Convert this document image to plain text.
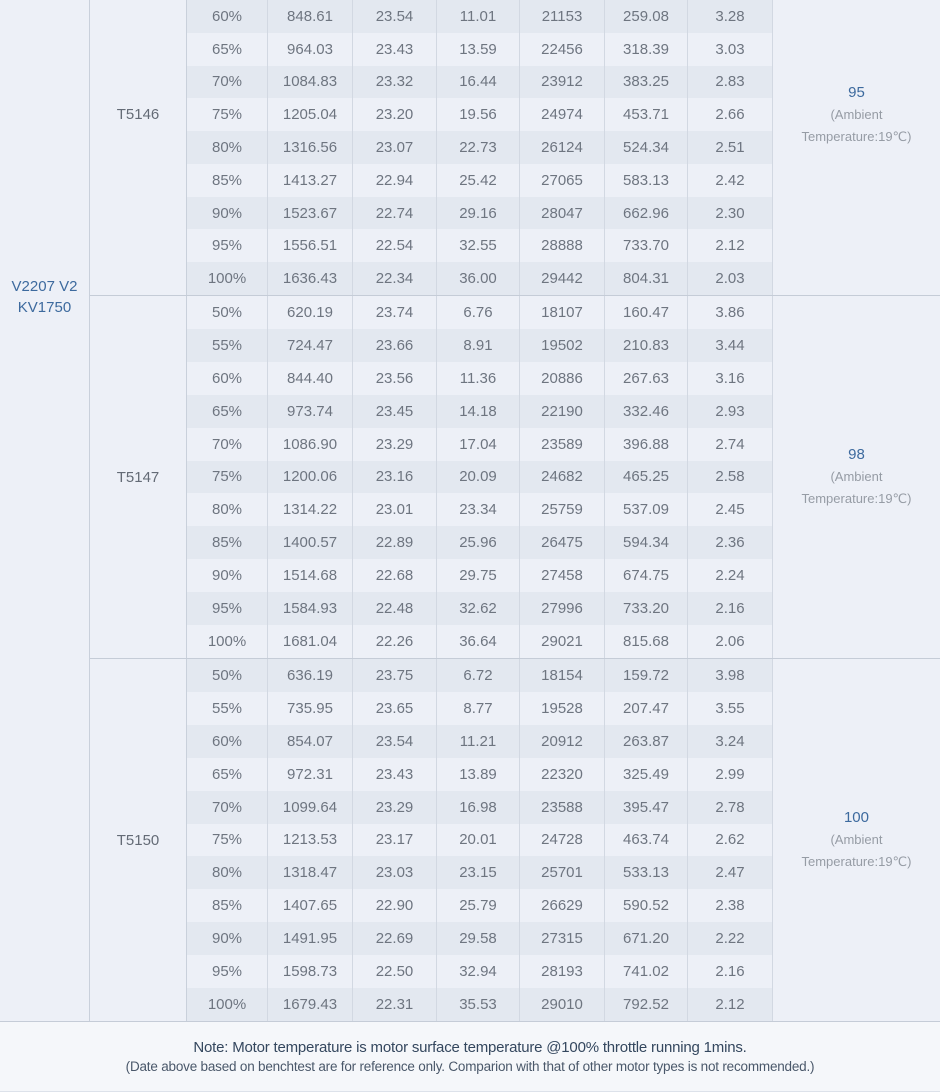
V2207 V2
KV1750
T5146
60%	848.61	23.54	11.01	21153	259.08	3.28
65%	964.03	23.43	13.59	22456	318.39	3.03
70%	1084.83	23.32	16.44	23912	383.25	2.83
75%	1205.04	23.20	19.56	24974	453.71	2.66
80%	1316.56	23.07	22.73	26124	524.34	2.51
85%	1413.27	22.94	25.42	27065	583.13	2.42
90%	1523.67	22.74	29.16	28047	662.96	2.30
95%	1556.51	22.54	32.55	28888	733.70	2.12
100%	1636.43	22.34	36.00	29442	804.31	2.03
95
(Ambient
Temperature:19℃)
T5147
50%	620.19	23.74	6.76	18107	160.47	3.86
55%	724.47	23.66	8.91	19502	210.83	3.44
60%	844.40	23.56	11.36	20886	267.63	3.16
65%	973.74	23.45	14.18	22190	332.46	2.93
70%	1086.90	23.29	17.04	23589	396.88	2.74
75%	1200.06	23.16	20.09	24682	465.25	2.58
80%	1314.22	23.01	23.34	25759	537.09	2.45
85%	1400.57	22.89	25.96	26475	594.34	2.36
90%	1514.68	22.68	29.75	27458	674.75	2.24
95%	1584.93	22.48	32.62	27996	733.20	2.16
100%	1681.04	22.26	36.64	29021	815.68	2.06
98
(Ambient
Temperature:19℃)
T5150
50%	636.19	23.75	6.72	18154	159.72	3.98
55%	735.95	23.65	8.77	19528	207.47	3.55
60%	854.07	23.54	11.21	20912	263.87	3.24
65%	972.31	23.43	13.89	22320	325.49	2.99
70%	1099.64	23.29	16.98	23588	395.47	2.78
75%	1213.53	23.17	20.01	24728	463.74	2.62
80%	1318.47	23.03	23.15	25701	533.13	2.47
85%	1407.65	22.90	25.79	26629	590.52	2.38
90%	1491.95	22.69	29.58	27315	671.20	2.22
95%	1598.73	22.50	32.94	28193	741.02	2.16
100%	1679.43	22.31	35.53	29010	792.52	2.12
100
(Ambient
Temperature:19℃)
Note: Motor temperature is motor surface temperature @100% throttle running 1mins.
(Date above based on benchtest are for reference only. Comparion with that of other motor types is not recommended.)
